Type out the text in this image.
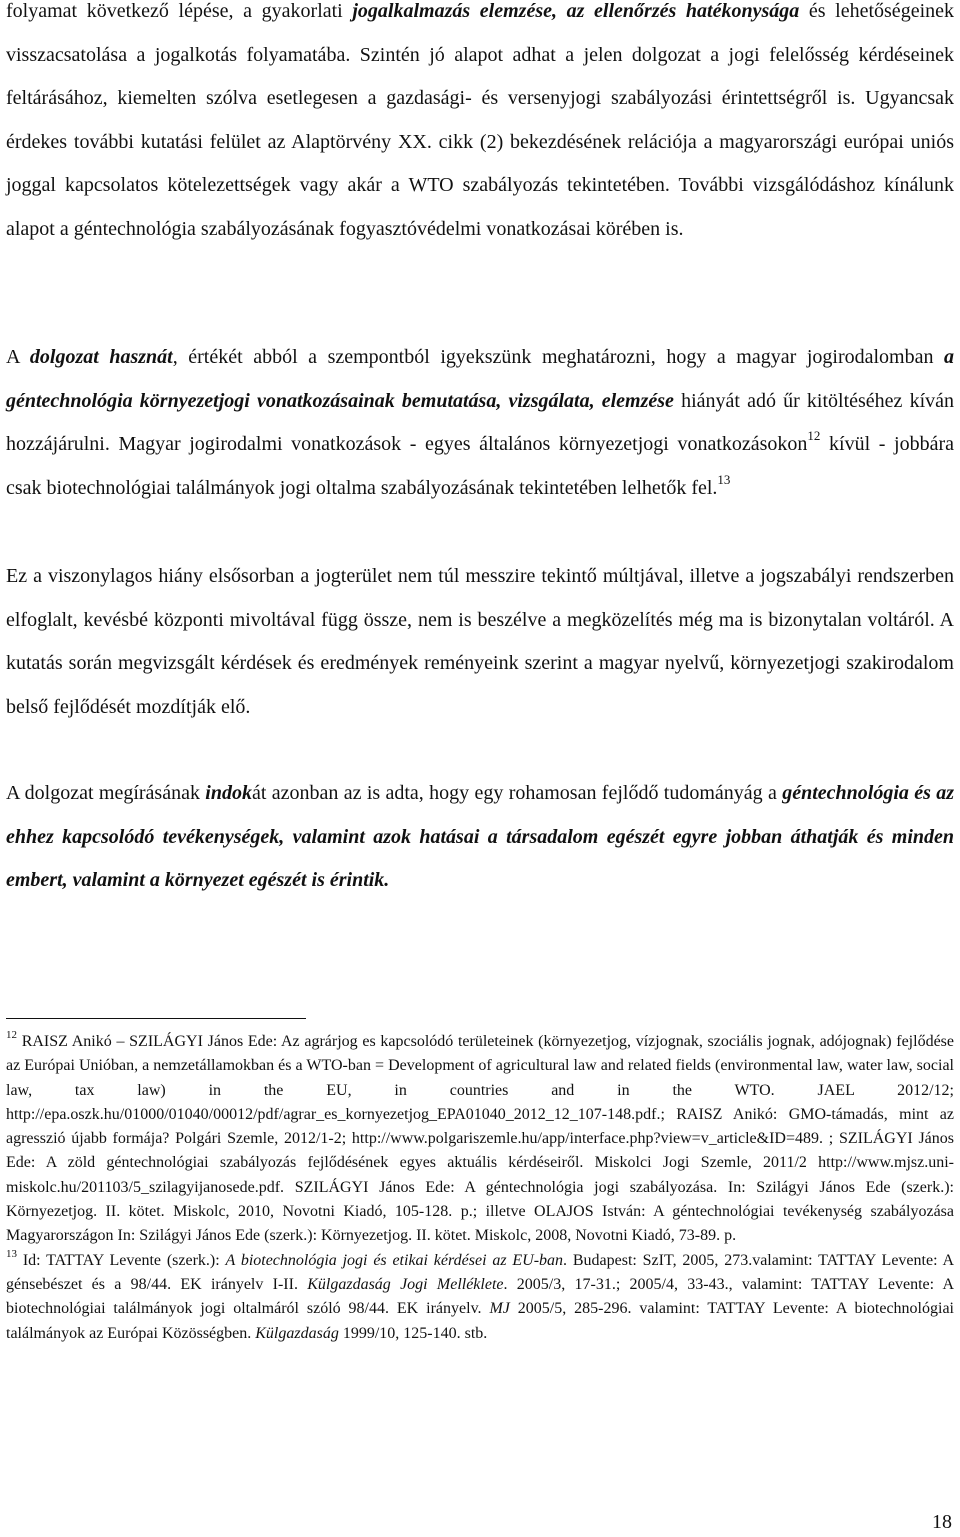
folyamat következő lépése, a gyakorlati jogalkalmazás elemzése, az ellenőrzés hatékonysága és lehetőségeinek visszacsatolása a jogalkotás folyamatába. Szintén jó alapot adhat a jelen dolgozat a jogi felelősség kérdéseinek feltárásához, kiemelten szólva esetlegesen a gazdasági- és versenyjogi szabályozási érintettségről is. Ugyancsak érdekes további kutatási felület az Alaptörvény XX. cikk (2) bekezdésének relációja a magyarországi európai uniós joggal kapcsolatos kötelezettségek vagy akár a WTO szabályozás tekintetében. További vizsgálódáshoz kínálunk alapot a géntechnológia szabályozásának fogyasztóvédelmi vonatkozásai körében is.

A dolgozat hasznát, értékét abból a szempontból igyekszünk meghatározni, hogy a magyar jogirodalomban a géntechnológia környezetjogi vonatkozásainak bemutatása, vizsgálata, elemzése hiányát adó űr kitöltéséhez kíván hozzájárulni. Magyar jogirodalmi vonatkozások - egyes általános környezetjogi vonatkozásokon$^{12}$ kívül - jobbára csak biotechnológiai találmányok jogi oltalma szabályozásának tekintetében lelhetők fel.$^{13}$

Ez a viszonylagos hiány elsősorban a jogterület nem túl messzire tekintő múltjával, illetve a jogszabályi rendszerben elfoglalt, kevésbé központi mivoltával függ össze, nem is beszélve a megközelítés még ma is bizonytalan voltáról. A kutatás során megvizsgált kérdések és eredmények reményeink szerint a magyar nyelvű, környezetjogi szakirodalom belső fejlődését mozdítják elő.

A dolgozat megírásának indokát azonban az is adta, hogy egy rohamosan fejlődő tudományág a géntechnológia és az ehhez kapcsolódó tevékenységek, valamint azok hatásai a társadalom egészét egyre jobban áthatják és minden embert, valamint a környezet egészét is érintik.

$^{12}$ RAISZ Anikó – SZILÁGYI János Ede: Az agrárjog es kapcsolódó területeinek (környezetjog, vízjognak, szociális jognak, adójognak) fejlődése az Európai Unióban, a nemzetállamokban és a WTO-ban = Development of agricultural law and related fields (environmental law, water law, social law, tax law) in the EU, in countries and in the WTO. JAEL 2012/12; http://epa.oszk.hu/01000/01040/00012/pdf/agrar_es_kornyezetjog_EPA01040_2012_12_107-148.pdf.; RAISZ Anikó: GMO-támadás, mint az agresszió újabb formája? Polgári Szemle, 2012/1-2; http://www.polgariszemle.hu/app/interface.php?view=v_article&ID=489. ; SZILÁGYI János Ede: A zöld géntechnológiai szabályozás fejlődésének egyes aktuális kérdéseiről. Miskolci Jogi Szemle, 2011/2 http://www.mjsz.uni-miskolc.hu/201103/5_szilagyijanosede.pdf. SZILÁGYI János Ede: A géntechnológia jogi szabályozása. In: Szilágyi János Ede (szerk.): Környezetjog. II. kötet. Miskolc, 2010, Novotni Kiadó, 105-128. p.; illetve OLAJOS István: A géntechnológiai tevékenység szabályozása Magyarországon In: Szilágyi János Ede (szerk.): Környezetjog. II. kötet. Miskolc, 2008, Novotni Kiadó, 73-89. p.

$^{13}$ Id: TATTAY Levente (szerk.): A biotechnológia jogi és etikai kérdései az EU-ban. Budapest: SzIT, 2005, 273.valamint: TATTAY Levente: A génsebészet és a 98/44. EK irányelv I-II. Külgazdaság Jogi Melléklete. 2005/3, 17-31.; 2005/4, 33-43., valamint: TATTAY Levente: A biotechnológiai találmányok jogi oltalmáról szóló 98/44. EK irányelv. MJ 2005/5, 285-296. valamint: TATTAY Levente: A biotechnológiai találmányok az Európai Közösségben. Külgazdaság 1999/10, 125-140. stb.

18
